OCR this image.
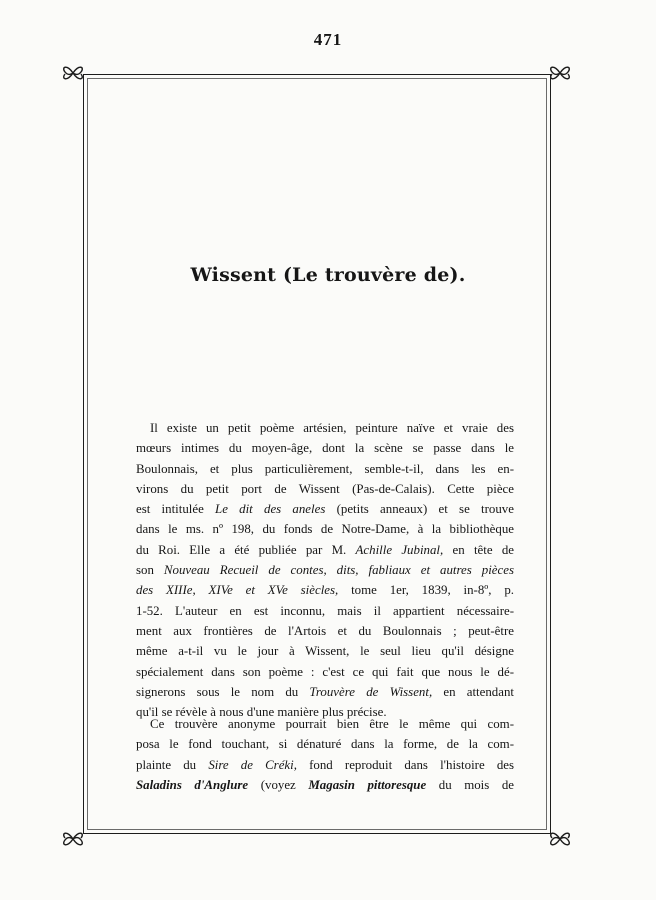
471
Wissent (Le trouvère de).
Il existe un petit poème artésien, peinture naïve et vraie des
mœurs intimes du moyen-âge, dont la scène se passe dans le
Boulonnais, et plus particulièrement, semble-t-il, dans les en-
virons du petit port de Wissent (Pas-de-Calais). Cette pièce
est intitulée Le dit des aneles (petits anneaux) et se trouve
dans le ms. nº 198, du fonds de Notre-Dame, à la bibliothèque
du Roi. Elle a été publiée par M. Achille Jubinal, en tête de
son Nouveau Recueil de contes, dits, fabliaux et autres pièces
des XIIIe, XIVe et XVe siècles, tome 1er, 1839, in-8º, p.
1-52. L'auteur en est inconnu, mais il appartient nécessaire-
ment aux frontières de l'Artois et du Boulonnais ; peut-être
même a-t-il vu le jour à Wissent, le seul lieu qu'il désigne
spécialement dans son poème : c'est ce qui fait que nous le dé-
signerons sous le nom du Trouvère de Wissent, en attendant
qu'il se révèle à nous d'une manière plus précise.
Ce trouvère anonyme pourrait bien être le même qui com-
posa le fond touchant, si dénaturé dans la forme, de la com-
plainte du Sire de Créki, fond reproduit dans l'histoire des
Saladins d'Anglure (voyez Magasin pittoresque du mois de
